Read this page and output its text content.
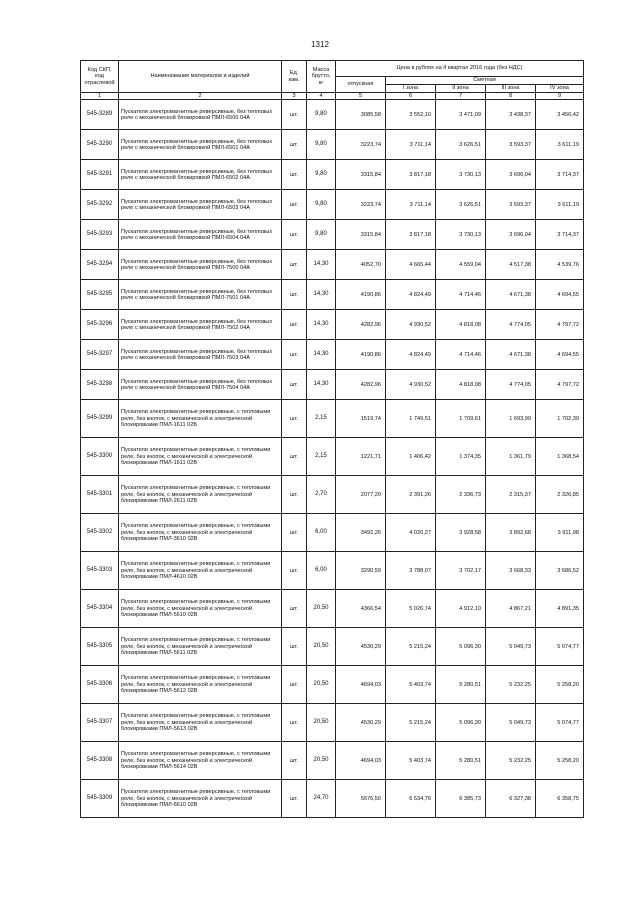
1312
Код СКП, код отраслевой	Наименование материалов и изделий	Ед. изм.	Масса брутто, кг	Цена в рублях на II квартал 2016 года (без НДС)				
				отпускная	Сметная			
					I зона	II зона	III зона	IV зона
1	2	3	4	5	6	7	8	9
545-3289	Пускатели электромагнитные реверсивные, без тепловых реле с механической блокировкой ПМЛ-6500 04А	шт.	9,80	3085,58	3 552,10	3 471,09	3 438,37	3 456,42
545-3290	Пускатели электромагнитные реверсивные, без тепловых реле с механической блокировкой ПМЛ-6501 04А	шт.	9,80	3223,74	3 711,14	3 626,51	3 593,37	3 611,19
545-3291	Пускатели электромагнитные реверсивные, без тепловых реле с механической блокировкой ПМЛ-6502 04А	шт.	9,80	3315,84	3 817,18	3 730,13	3 696,04	3 714,37
545-3292	Пускатели электромагнитные реверсивные, без тепловых реле с механической блокировкой ПМЛ-6503 04А	шт.	9,80	3223,74	3 711,14	3 626,51	3 593,37	3 611,19
545-3293	Пускатели электромагнитные реверсивные, без тепловых реле с механической блокировкой ПМЛ-6504 04А	шт.	9,80	3315,84	3 817,18	3 730,13	3 696,04	3 714,37
545-3294	Пускатели электромагнитные реверсивные, без тепловых реле с механической блокировкой ПМЛ-7500 04А	шт.	14,30	4052,70	4 665,44	4 559,04	4 517,38	4 539,76
545-3295	Пускатели электромагнитные реверсивные, без тепловых реле с механической блокировкой ПМЛ-7501 04А	шт.	14,30	4190,86	4 824,49	4 714,46	4 671,38	4 694,55
545-3296	Пускатели электромагнитные реверсивные, без тепловых реле с механической блокировкой ПМЛ-7502 04А	шт.	14,30	4282,96	4 930,52	4 818,08	4 774,05	4 797,72
545-3297	Пускатели электромагнитные реверсивные, без тепловых реле с механической блокировкой ПМЛ-7503 04А	шт.	14,30	4190,86	4 824,49	4 714,46	4 671,38	4 694,55
545-3298	Пускатели электромагнитные реверсивные, без тепловых реле с механической блокировкой ПМЛ-7504 04А	шт.	14,30	4282,96	4 930,52	4 818,08	4 774,05	4 797,72
545-3299	Пускатели электромагнитные реверсивные, с тепловыми реле, без кнопок, с механической и электрической блокировками ПМЛ-1611 02Б	шт.	2,15	1519,74	1 749,51	1 709,61	1 693,99	1 702,39
545-3300	Пускатели электромагнитные реверсивные, с тепловыми реле, без кнопок, с механической и электрической блокировками ПМЛ-1611 02В	шт.	2,15	1221,71	1 406,42	1 374,35	1 361,79	1 368,54
545-3301	Пускатели электромагнитные реверсивные, с тепловыми реле, без кнопок, с механической и электрической блокировками ПМЛ-2611 02В	шт.	2,70	2077,20	2 391,26	2 336,73	2 315,37	2 326,85
545-3302	Пускатели электромагнитные реверсивные, с тепловыми реле, без кнопок, с механической и электрической блокировками ПМЛ-3610 02В	шт.	6,00	3492,26	4 020,27	3 928,58	3 892,68	3 911,98
545-3303	Пускатели электромагнитные реверсивные, с тепловыми реле, без кнопок, с механической и электрической блокировками ПМЛ-4610 02В	шт.	6,00	3290,59	3 788,07	3 702,17	3 668,33	3 686,52
545-3304	Пускатели электромагнитные реверсивные, с тепловыми реле, без кнопок, с механической и электрической блокировками ПМЛ-5610 02В	шт.	20,50	4366,54	5 026,74	4 912,10	4 867,21	4 891,35
545-3305	Пускатели электромагнитные реверсивные, с тепловыми реле, без кнопок, с механической и электрической блокировками ПМЛ-5611 02В	шт.	20,50	4530,29	5 215,24	5 096,30	5 049,73	5 074,77
545-3306	Пускатели электромагнитные реверсивные, с тепловыми реле, без кнопок, с механической и электрической блокировками ПМЛ-5612 02В	шт.	20,50	4694,03	5 403,74	5 280,51	5 232,25	5 258,20
545-3307	Пускатели электромагнитные реверсивные, с тепловыми реле, без кнопок, с механической и электрической блокировками ПМЛ-5613 02В	шт.	20,50	4530,29	5 215,24	5 096,30	5 049,73	5 074,77
545-3308	Пускатели электромагнитные реверсивные, с тепловыми реле, без кнопок, с механической и электрической блокировками ПМЛ-5614 02В	шт.	20,50	4694,03	5 403,74	5 280,51	5 232,25	5 258,20
545-3309	Пускатели электромагнитные реверсивные, с тепловыми реле, без кнопок, с механической и электрической блокировками ПМЛ-6610 02В	шт.	24,70	5676,50	6 534,76	6 385,73	6 327,38	6 358,75
